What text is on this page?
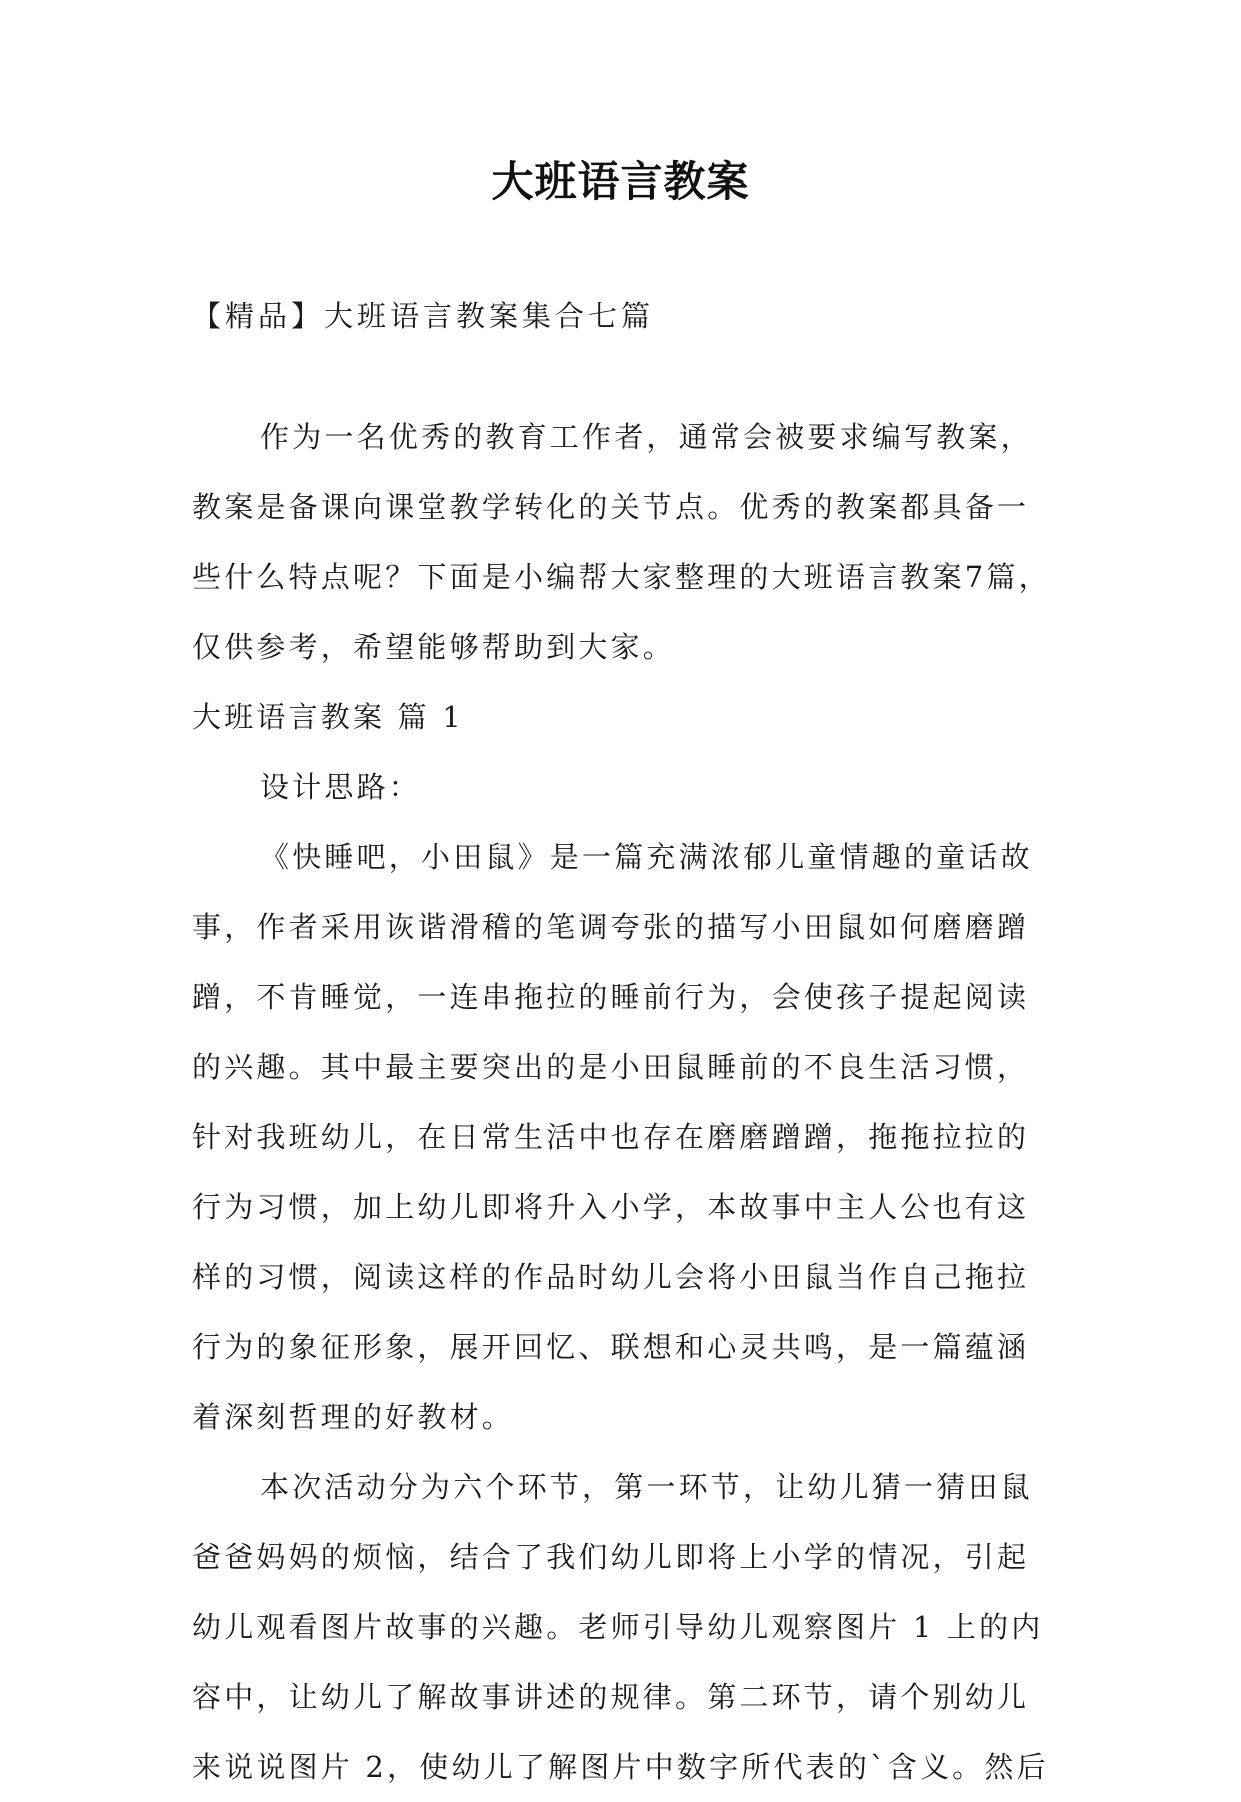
大班语言教案
【精品】大班语言教案集合七篇
作为一名优秀的教育工作者，通常会被要求编写教案，
教案是备课向课堂教学转化的关节点。优秀的教案都具备一
些什么特点呢？下面是小编帮大家整理的大班语言教案7篇，
仅供参考，希望能够帮助到大家。
大班语言教案 篇 1
设计思路：
《快睡吧，小田鼠》是一篇充满浓郁儿童情趣的童话故
事，作者采用诙谐滑稽的笔调夸张的描写小田鼠如何磨磨蹭
蹭，不肯睡觉，一连串拖拉的睡前行为，会使孩子提起阅读
的兴趣。其中最主要突出的是小田鼠睡前的不良生活习惯，
针对我班幼儿，在日常生活中也存在磨磨蹭蹭，拖拖拉拉的
行为习惯，加上幼儿即将升入小学，本故事中主人公也有这
样的习惯，阅读这样的作品时幼儿会将小田鼠当作自己拖拉
行为的象征形象，展开回忆、联想和心灵共鸣，是一篇蕴涵
着深刻哲理的好教材。
本次活动分为六个环节，第一环节，让幼儿猜一猜田鼠
爸爸妈妈的烦恼，结合了我们幼儿即将上小学的情况，引起
幼儿观看图片故事的兴趣。老师引导幼儿观察图片 1 上的内
容中，让幼儿了解故事讲述的规律。第二环节，请个别幼儿
来说说图片 2，使幼儿了解图片中数字所代表的`含义。然后
